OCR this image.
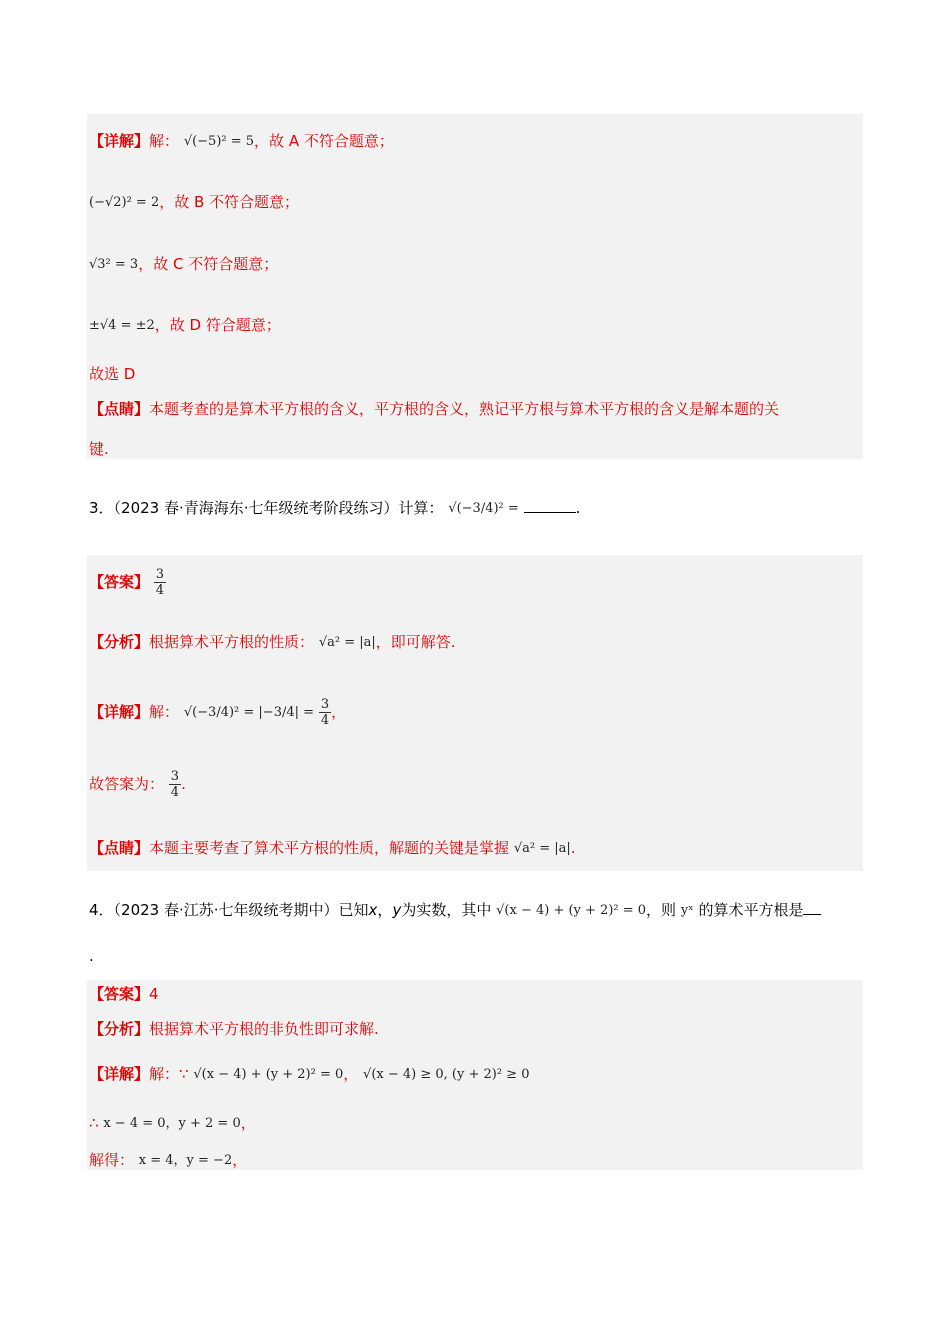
【详解】解： √(−5)² = 5，故 A 不符合题意；
(−√2)² = 2，故 B 不符合题意；
√3² = 3，故 C 不符合题意；
±√4 = ±2，故 D 符合题意；
故选 D
【点睛】本题考查的是算术平方根的含义，平方根的含义，熟记平方根与算术平方根的含义是解本题的关
键.
3．（2023 春·青海海东·七年级统考阶段练习）计算： √(−3/4)² =	.
【答案】 $\frac{3}{4}$
【分析】根据算术平方根的性质： √a² = |a|，即可解答.
【详解】解： $√(-3/4)^2 = |-3/4| = \frac{3}{4}$ ，
故答案为： $\frac{3}{4}$ .
【点睛】本题主要考查了算术平方根的性质，解题的关键是掌握 √a² = |a|.
4．（2023 春·江苏·七年级统考期中）已知x，y为实数，其中 √(x − 4) + (y + 2)² = 0，则 yˣ 的算术平方根是
.
【答案】4
【分析】根据算术平方根的非负性即可求解.
【详解】解：∵ √(x − 4) + (y + 2)² = 0， √(x − 4) ≥ 0, (y + 2)² ≥ 0
∴ x − 4 = 0，y + 2 = 0，
解得： x = 4，y = −2，
